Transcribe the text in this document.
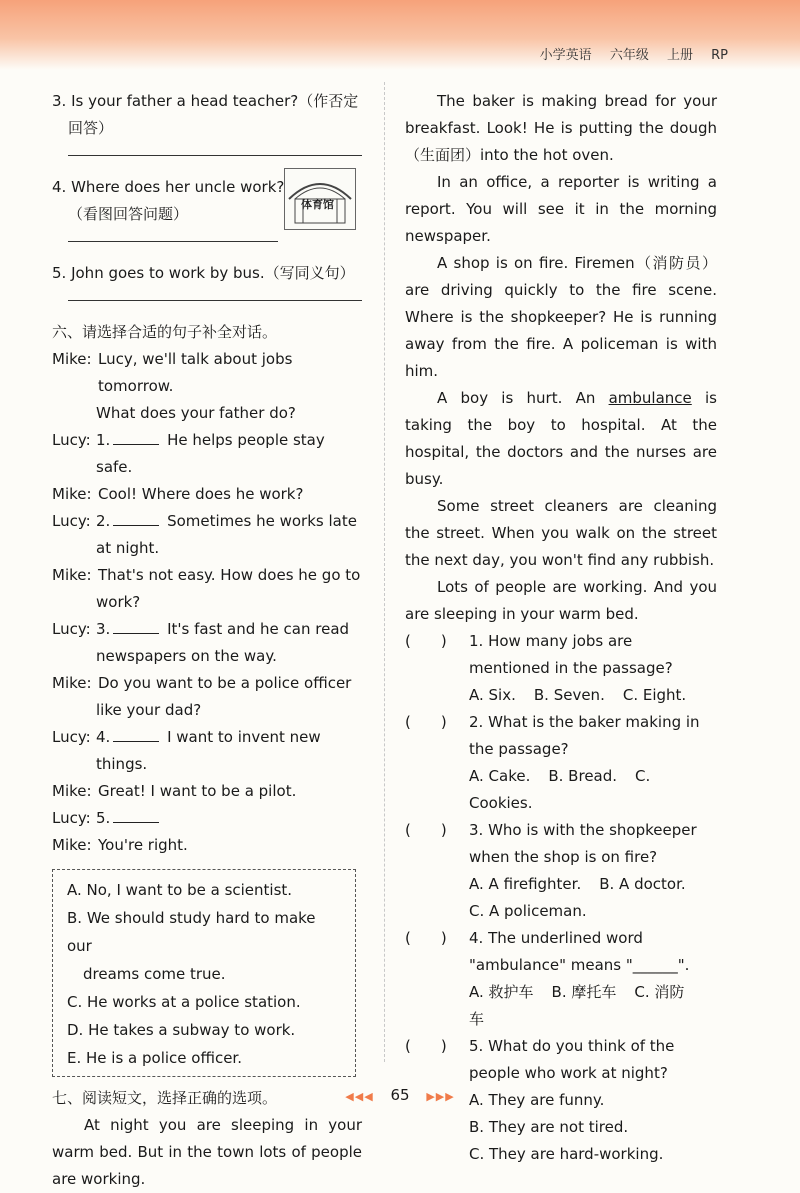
小学英语 六年级 上册 RP
3. Is your father a head teacher?（作否定
回答）
4. Where does her uncle work?
（看图回答问题）
体育馆
5. John goes to work by bus.（写同义句）
六、请选择合适的句子补全对话。
Mike: Lucy, we'll talk about jobs tomorrow.
What does your father do?
Lucy: 1.	He helps people stay safe.
Mike: Cool! Where does he work?
Lucy: 2.	Sometimes he works late
at night.
Mike: That's not easy. How does he go to
work?
Lucy: 3.	It's fast and he can read
newspapers on the way.
Mike: Do you want to be a police officer
like your dad?
Lucy: 4.	I want to invent new things.
Mike: Great! I want to be a pilot.
Lucy: 5.
Mike: You're right.
A. No, I want to be a scientist.
B. We should study hard to make our
dreams come true.
C. He works at a police station.
D. He takes a subway to work.
E. He is a police officer.
七、阅读短文，选择正确的选项。
At night you are sleeping in your warm bed. But in the town lots of people are working.
The baker is making bread for your breakfast. Look! He is putting the dough（生面团）into the hot oven.
In an office, a reporter is writing a report. You will see it in the morning newspaper.
A shop is on fire. Firemen（消防员）are driving quickly to the fire scene. Where is the shopkeeper? He is running away from the fire. A policeman is with him.
A boy is hurt. An ambulance is taking the boy to hospital. At the hospital, the doctors and the nurses are busy.
Some street cleaners are cleaning the street. When you walk on the street the next day, you won't find any rubbish.
Lots of people are working. And you are sleeping in your warm bed.
(　　)	1. How many jobs are mentioned in the passage?
A. Six. B. Seven. C. Eight.
(　　)	2. What is the baker making in the passage?
A. Cake. B. Bread. C. Cookies.
(　　)	3. Who is with the shopkeeper when the shop is on fire?
A. A firefighter. B. A doctor.
C. A policeman.
(　　)	4. The underlined word "ambulance" means "______".
A. 救护车 B. 摩托车 C. 消防车
(　　)	5. What do you think of the people who work at night?
A. They are funny.
B. They are not tired.
C. They are hard-working.
◀◀◀ 65 ▶▶▶
